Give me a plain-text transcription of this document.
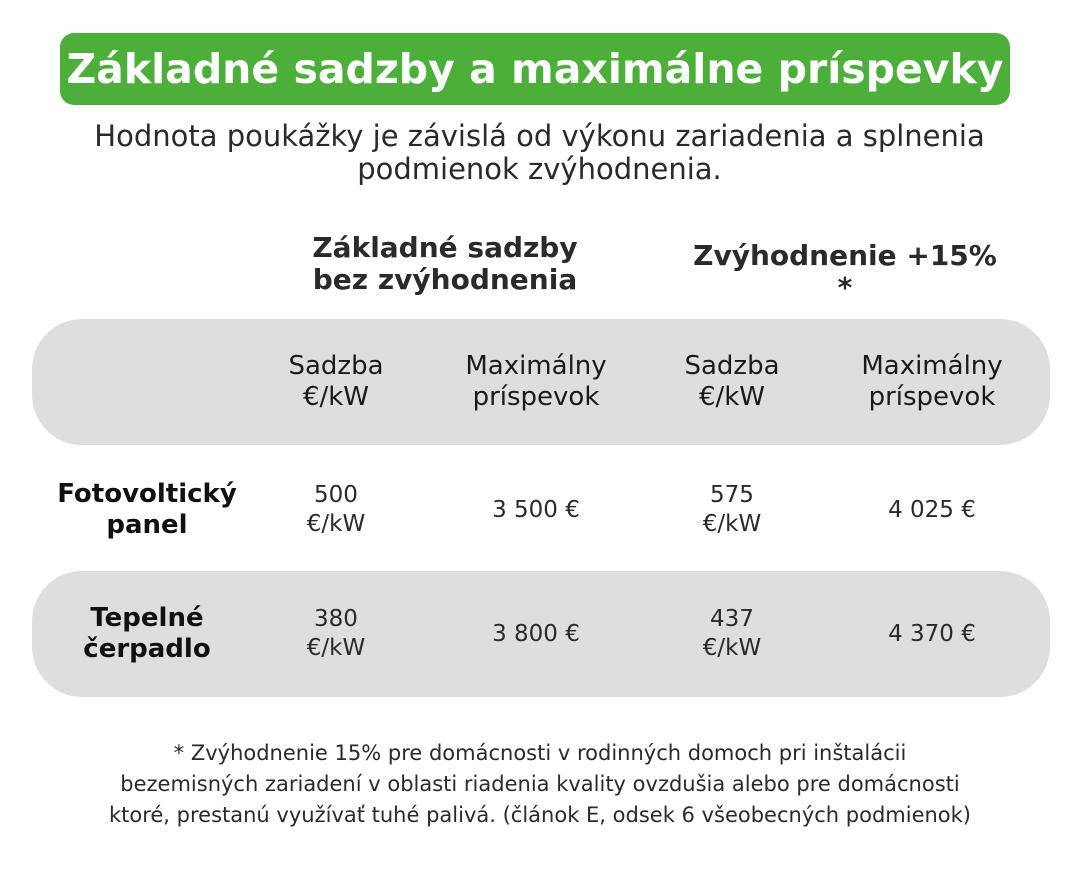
Základné sadzby a maximálne príspevky
Hodnota poukážky je závislá od výkonu zariadenia a splnenia
podmienok zvýhodnenia.
Základné sadzby
bez zvýhodnenia
Zvýhodnenie +15%
*
Sadzba
€/kW
Maximálny
príspevok
Sadzba
€/kW
Maximálny
príspevok
Fotovoltický
panel
500
€/kW
3 500 €
575
€/kW
4 025 €
Tepelné
čerpadlo
380
€/kW
3 800 €
437
€/kW
4 370 €
* Zvýhodnenie 15% pre domácnosti v rodinných domoch pri inštalácii
bezemisných zariadení v oblasti riadenia kvality ovzdušia alebo pre domácnosti
ktoré, prestanú využívať tuhé palivá. (článok E, odsek 6 všeobecných podmienok)
